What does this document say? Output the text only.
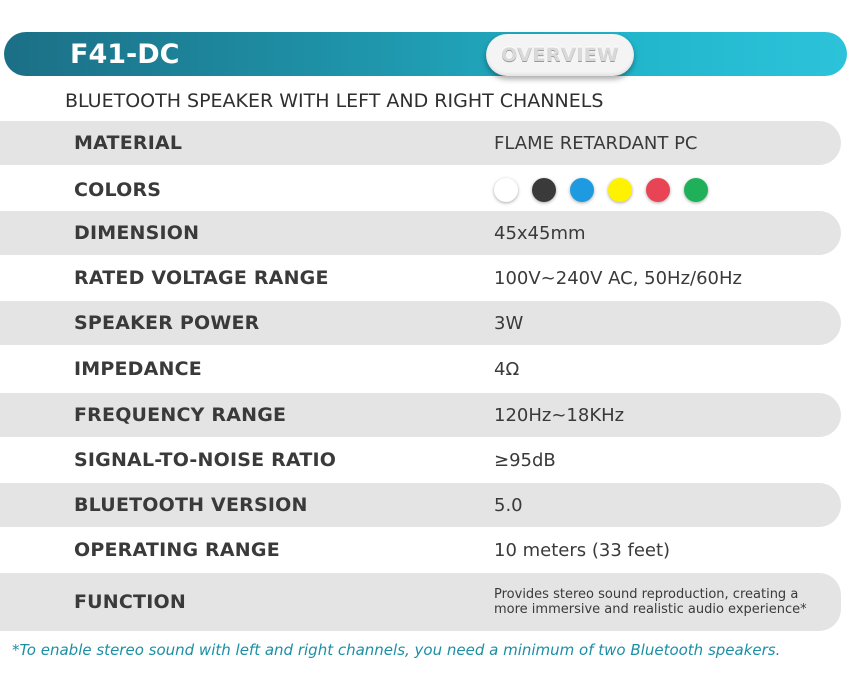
F41-DC	OVERVIEW
BLUETOOTH SPEAKER WITH LEFT AND RIGHT CHANNELS
MATERIAL	FLAME RETARDANT PC
COLORS
DIMENSION	45x45mm
RATED VOLTAGE RANGE	100V~240V AC, 50Hz/60Hz
SPEAKER POWER	3W
IMPEDANCE	4Ω
FREQUENCY RANGE	120Hz~18KHz
SIGNAL-TO-NOISE RATIO	≥95dB
BLUETOOTH VERSION	5.0
OPERATING RANGE	10 meters (33 feet)
FUNCTION	Provides stereo sound reproduction, creating a
more immersive and realistic audio experience*
*To enable stereo sound with left and right channels, you need a minimum of two Bluetooth speakers.
